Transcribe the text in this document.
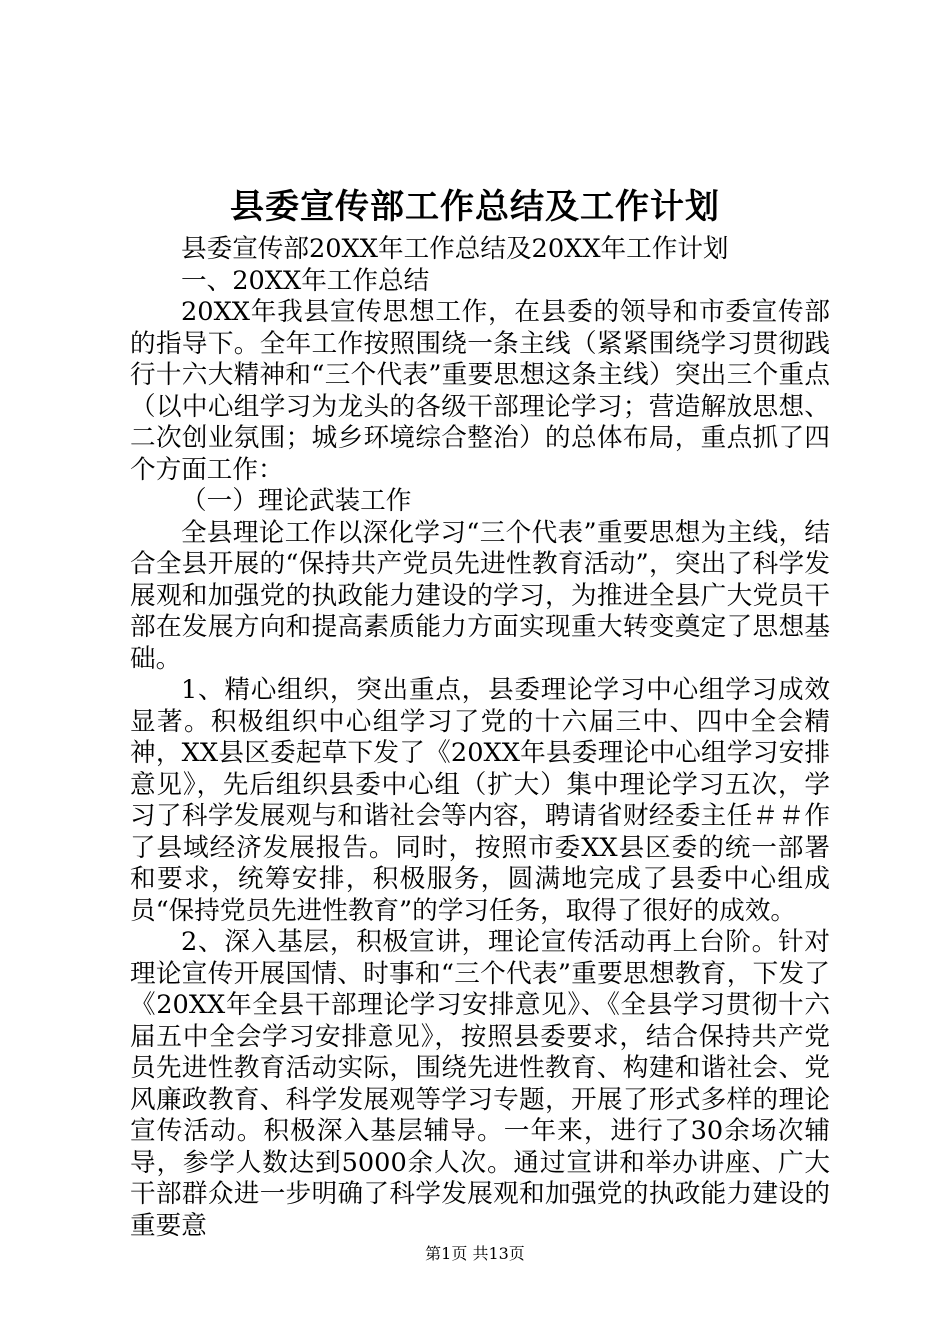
县委宣传部工作总结及工作计划

县委宣传部20XX年工作总结及20XX年工作计划

一、20XX年工作总结

20XX年我县宣传思想工作，在县委的领导和市委宣传部的指导下。全年工作按照围绕一条主线（紧紧围绕学习贯彻践行十六大精神和“三个代表”重要思想这条主线）突出三个重点（以中心组学习为龙头的各级干部理论学习；营造解放思想、二次创业氛围；城乡环境综合整治）的总体布局，重点抓了四个方面工作：

（一）理论武装工作

全县理论工作以深化学习“三个代表”重要思想为主线，结合全县开展的“保持共产党员先进性教育活动”，突出了科学发展观和加强党的执政能力建设的学习，为推进全县广大党员干部在发展方向和提高素质能力方面实现重大转变奠定了思想基础。

1、精心组织，突出重点，县委理论学习中心组学习成效显著。积极组织中心组学习了党的十六届三中、四中全会精神，XX县区委起草下发了《20XX年县委理论中心组学习安排意见》，先后组织县委中心组（扩大）集中理论学习五次，学习了科学发展观与和谐社会等内容，聘请省财经委主任＃＃作了县域经济发展报告。同时，按照市委XX县区委的统一部署和要求，统筹安排，积极服务，圆满地完成了县委中心组成员“保持党员先进性教育”的学习任务，取得了很好的成效。

2、深入基层，积极宣讲，理论宣传活动再上台阶。针对理论宣传开展国情、时事和“三个代表”重要思想教育，下发了《20XX年全县干部理论学习安排意见》、《全县学习贯彻十六届五中全会学习安排意见》，按照县委要求，结合保持共产党员先进性教育活动实际，围绕先进性教育、构建和谐社会、党风廉政教育、科学发展观等学习专题，开展了形式多样的理论宣传活动。积极深入基层辅导。一年来，进行了30余场次辅导，参学人数达到5000余人次。通过宣讲和举办讲座、广大干部群众进一步明确了科学发展观和加强党的执政能力建设的重要意

第1页 共13页
